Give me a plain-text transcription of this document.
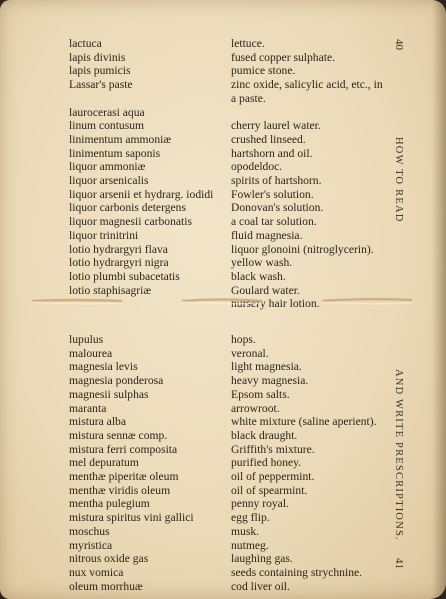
lactuca
lapis divinis
lapis pumicis
Lassar's paste
laurocerasi aqua
linum contusum
linimentum ammoniæ
linimentum saponis
liquor ammoniæ
liquor arsenicalis
liquor arsenii et hydrarg. iodidi
liquor carbonis detergens
liquor magnesii carbonatis
liquor trinitrini
lotio hydrargyri flava
lotio hydrargyri nigra
lotio plumbi subacetatis
lotio staphisagriæ
lettuce.
fused copper sulphate.
pumice stone.
zinc oxide, salicylic acid, etc., in
a paste.
cherry laurel water.
crushed linseed.
hartshorn and oil.
opodeldoc.
spirits of hartshorn.
Fowler's solution.
Donovan's solution.
a coal tar solution.
fluid magnesia.
liquor glonoini (nitroglycerin).
yellow wash.
black wash.
Goulard water.
nursery hair lotion.
40
HOW TO READ
lupulus
malourea
magnesia levis
magnesia ponderosa
magnesii sulphas
maranta
mistura alba
mistura sennæ comp.
mistura ferri composita
mel depuratum
menthæ piperitæ oleum
menthæ viridis oleum
mentha pulegium
mistura spiritus vini gallici
moschus
myristica
nitrous oxide gas
nux vomica
oleum morrhuæ
hops.
veronal.
light magnesia.
heavy magnesia.
Epsom salts.
arrowroot.
white mixture (saline aperient).
black draught.
Griffith's mixture.
purified honey.
oil of peppermint.
oil of spearmint.
penny royal.
egg flip.
musk.
nutmeg.
laughing gas.
seeds containing strychnine.
cod liver oil.
AND WRITE PRESCRIPTIONS.
41
